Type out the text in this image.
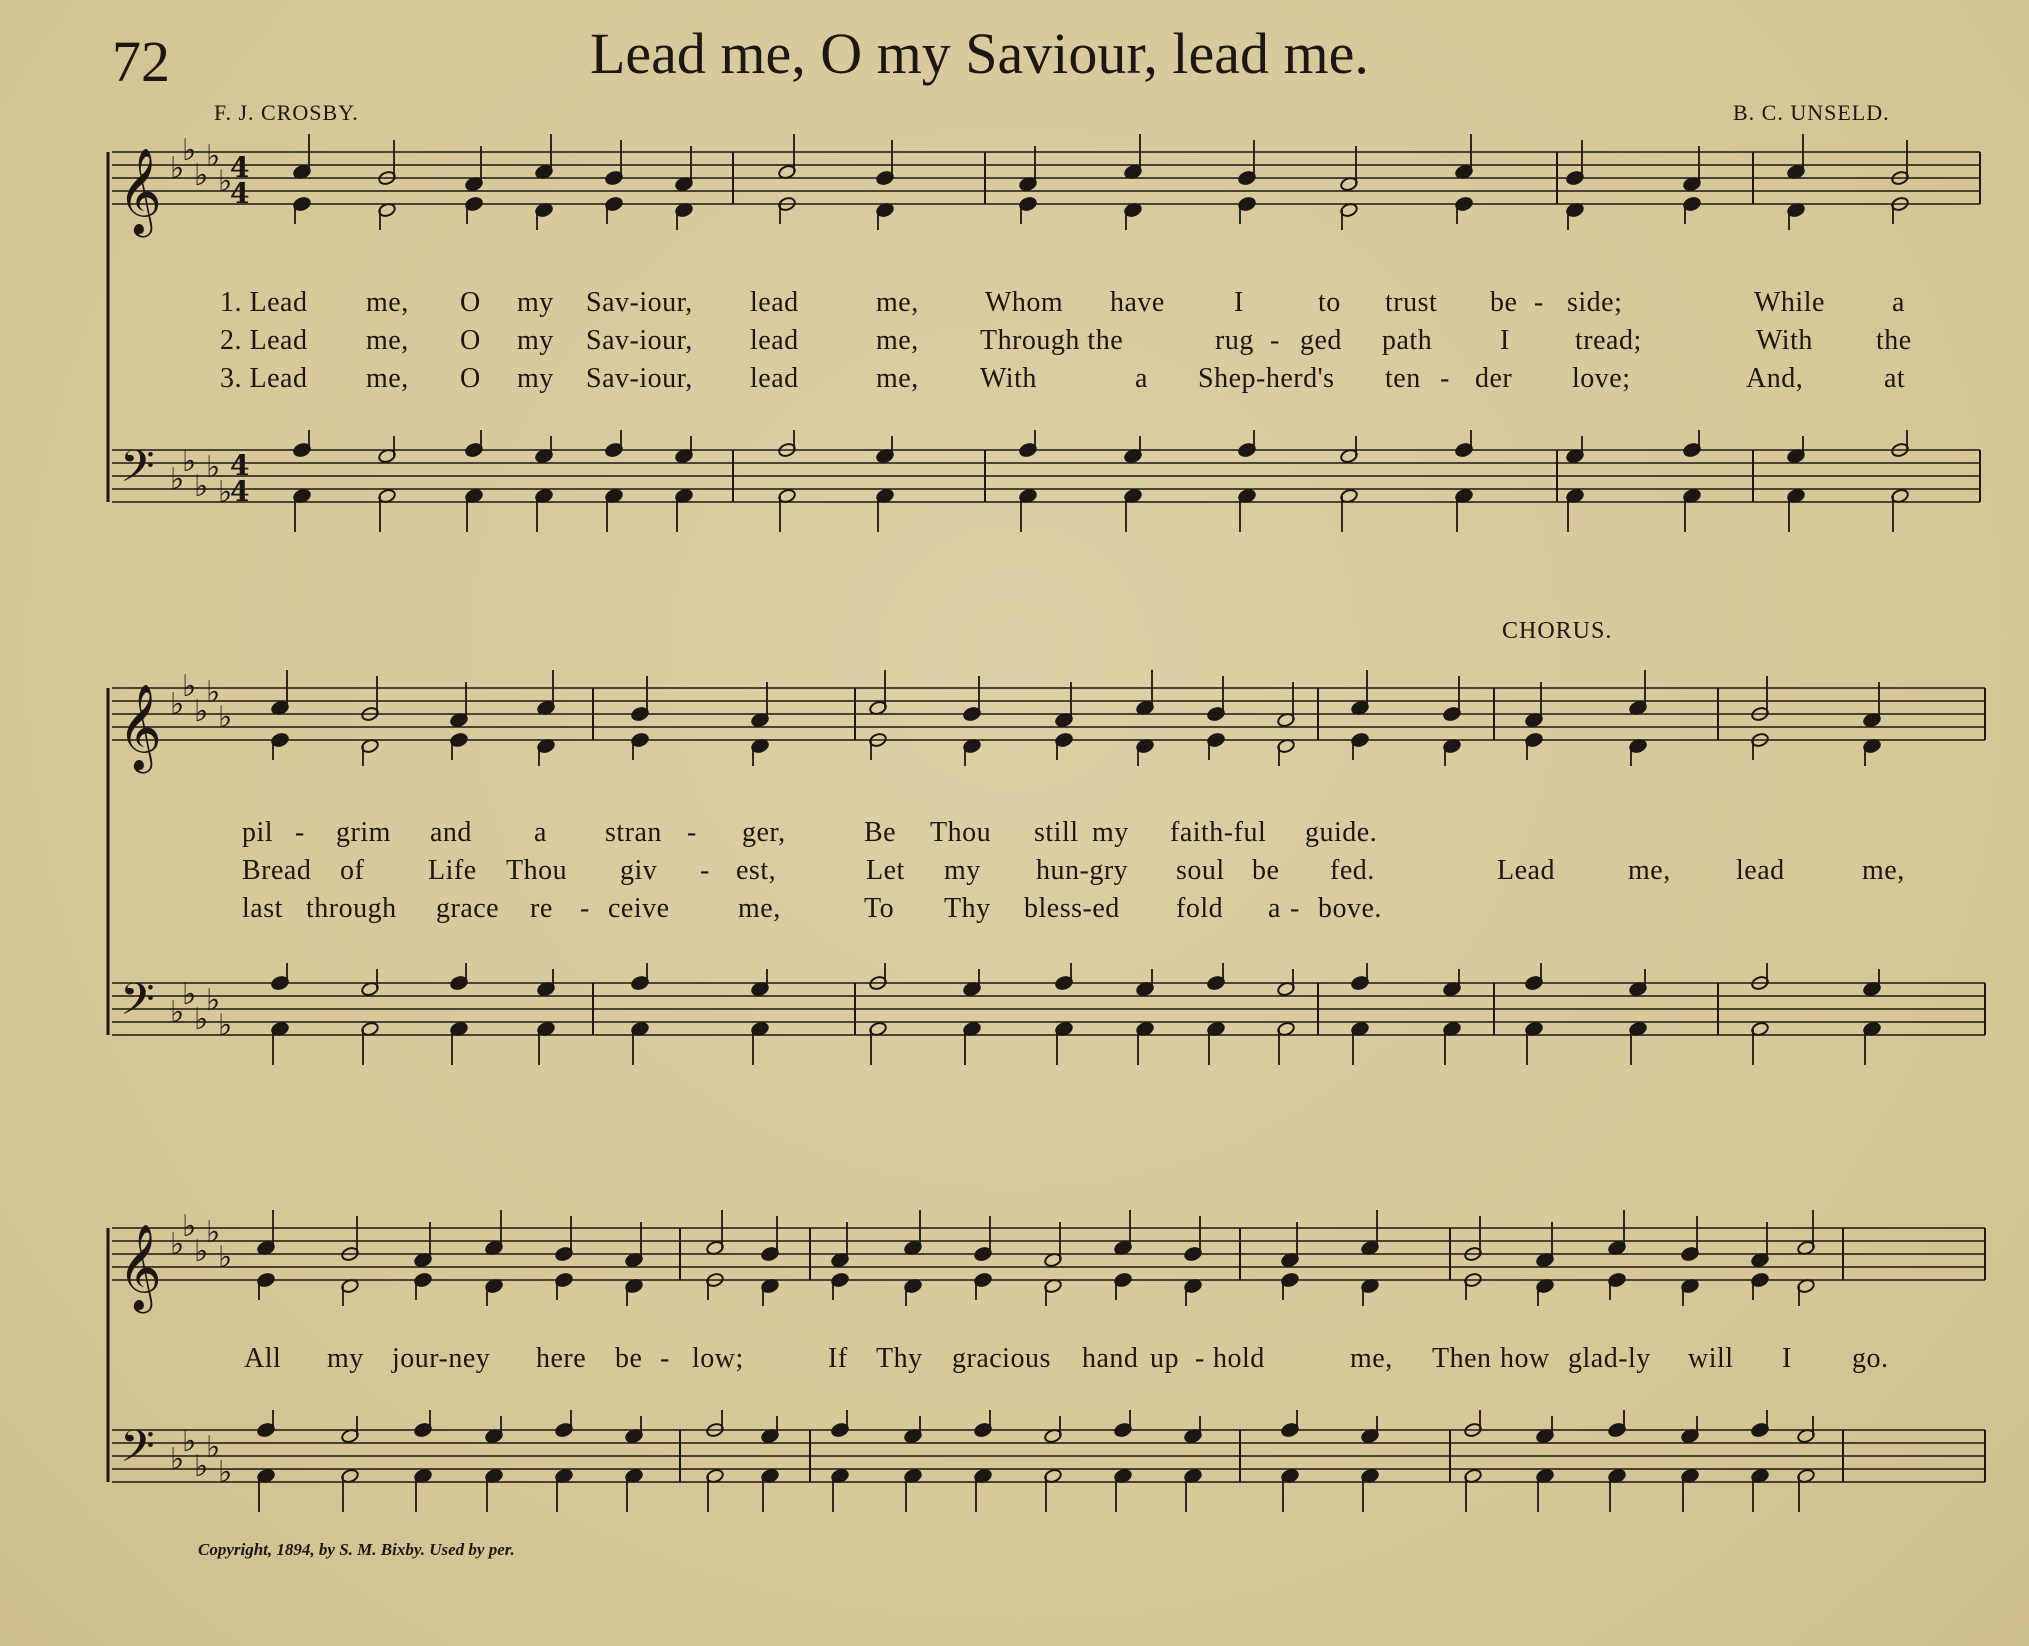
72	Lead me, O my Saviour, lead me.
F. J. CROSBY.	B. C. UNSELD.
CHORUS.
Copyright, 1894, by S. M. Bixby. Used by per.
𝄞
𝄢
♭
♭
♭
♭
♭
♭
♭
♭
♭
♭
4
4
4
4
𝄞
𝄢
♭
♭
♭
♭
♭
♭
♭
♭
♭
♭
𝄞
𝄢
♭
♭
♭
♭
♭
♭
♭
♭
♭
♭
1. Lead me, O my Sav-iour, lead	me, Whom have I	to trust be - side;	While a
2. Lead me, O my Sav-iour, lead	me, Through the	rug - ged path I tread;	With the
3. Lead me, O my Sav-iour, lead	me, With	a Shep-herd's ten - der love;	And,	at
pil - grim and a stran - ger,	Be Thou still my faith-ful guide.
Bread of Life Thou giv - est,	Let my hun-gry soul be fed.
last through grace re - ceive me,	To Thy bless-ed fold a - bove.
Lead	me, lead	me,
All my jour-ney here be - low;	If Thy gracious hand up - hold	me, Then how glad-ly will I go.
